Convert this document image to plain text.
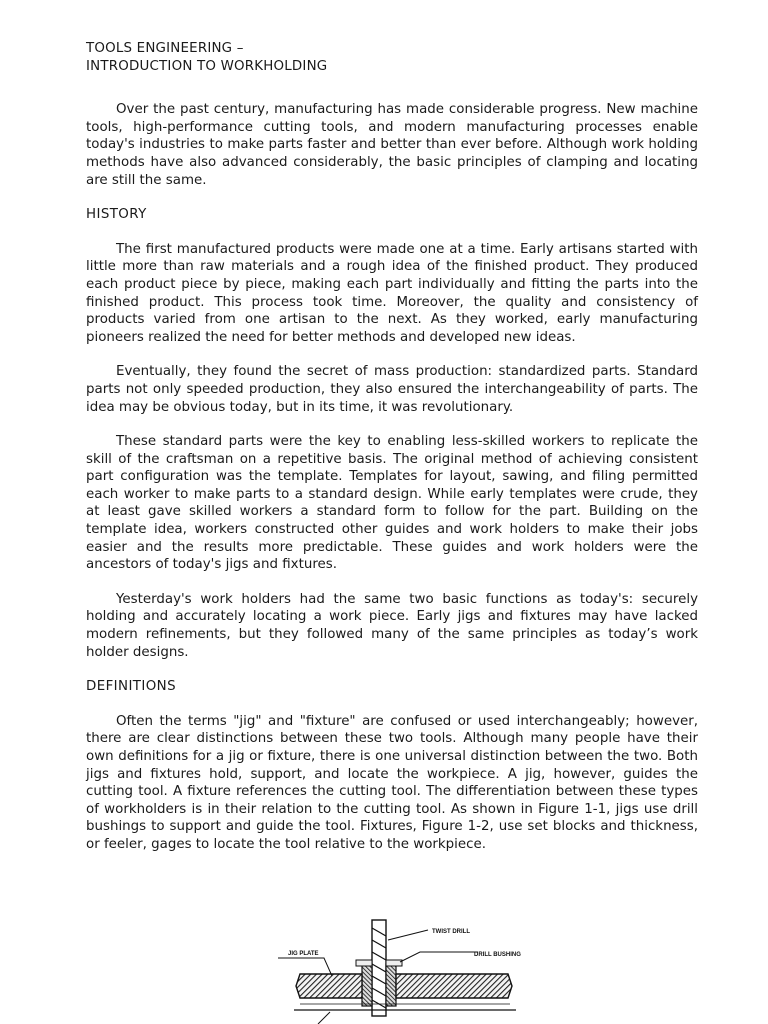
TOOLS ENGINEERING –
INTRODUCTION TO WORKHOLDING

Over the past century, manufacturing has made considerable progress. New machine tools, high-performance cutting tools, and modern manufacturing processes enable today's industries to make parts faster and better than ever before. Although work holding methods have also advanced considerably, the basic principles of clamping and locating are still the same.

HISTORY

The first manufactured products were made one at a time. Early artisans started with little more than raw materials and a rough idea of the finished product. They produced each product piece by piece, making each part individually and fitting the parts into the finished product. This process took time. Moreover, the quality and consistency of products varied from one artisan to the next. As they worked, early manufacturing pioneers realized the need for better methods and developed new ideas.

Eventually, they found the secret of mass production: standardized parts. Standard parts not only speeded production, they also ensured the interchangeability of parts. The idea may be obvious today, but in its time, it was revolutionary.

These standard parts were the key to enabling less-skilled workers to replicate the skill of the craftsman on a repetitive basis. The original method of achieving consistent part configuration was the template. Templates for layout, sawing, and filing permitted each worker to make parts to a standard design. While early templates were crude, they at least gave skilled workers a standard form to follow for the part. Building on the template idea, workers constructed other guides and work holders to make their jobs easier and the results more predictable. These guides and work holders were the ancestors of today's jigs and fixtures.

Yesterday's work holders had the same two basic functions as today's: securely holding and accurately locating a work piece. Early jigs and fixtures may have lacked modern refinements, but they followed many of the same principles as today’s work holder designs.

DEFINITIONS

Often the terms "jig" and "fixture" are confused or used interchangeably; however, there are clear distinctions between these two tools. Although many people have their own definitions for a jig or fixture, there is one universal distinction between the two. Both jigs and fixtures hold, support, and locate the workpiece. A jig, however, guides the cutting tool. A fixture references the cutting tool. The differentiation between these types of workholders is in their relation to the cutting tool. As shown in Figure 1-1, jigs use drill bushings to support and guide the tool. Fixtures, Figure 1-2, use set blocks and thickness, or feeler, gages to locate the tool relative to the workpiece.

TWIST DRILL
JIG PLATE	DRILL BUSHING
